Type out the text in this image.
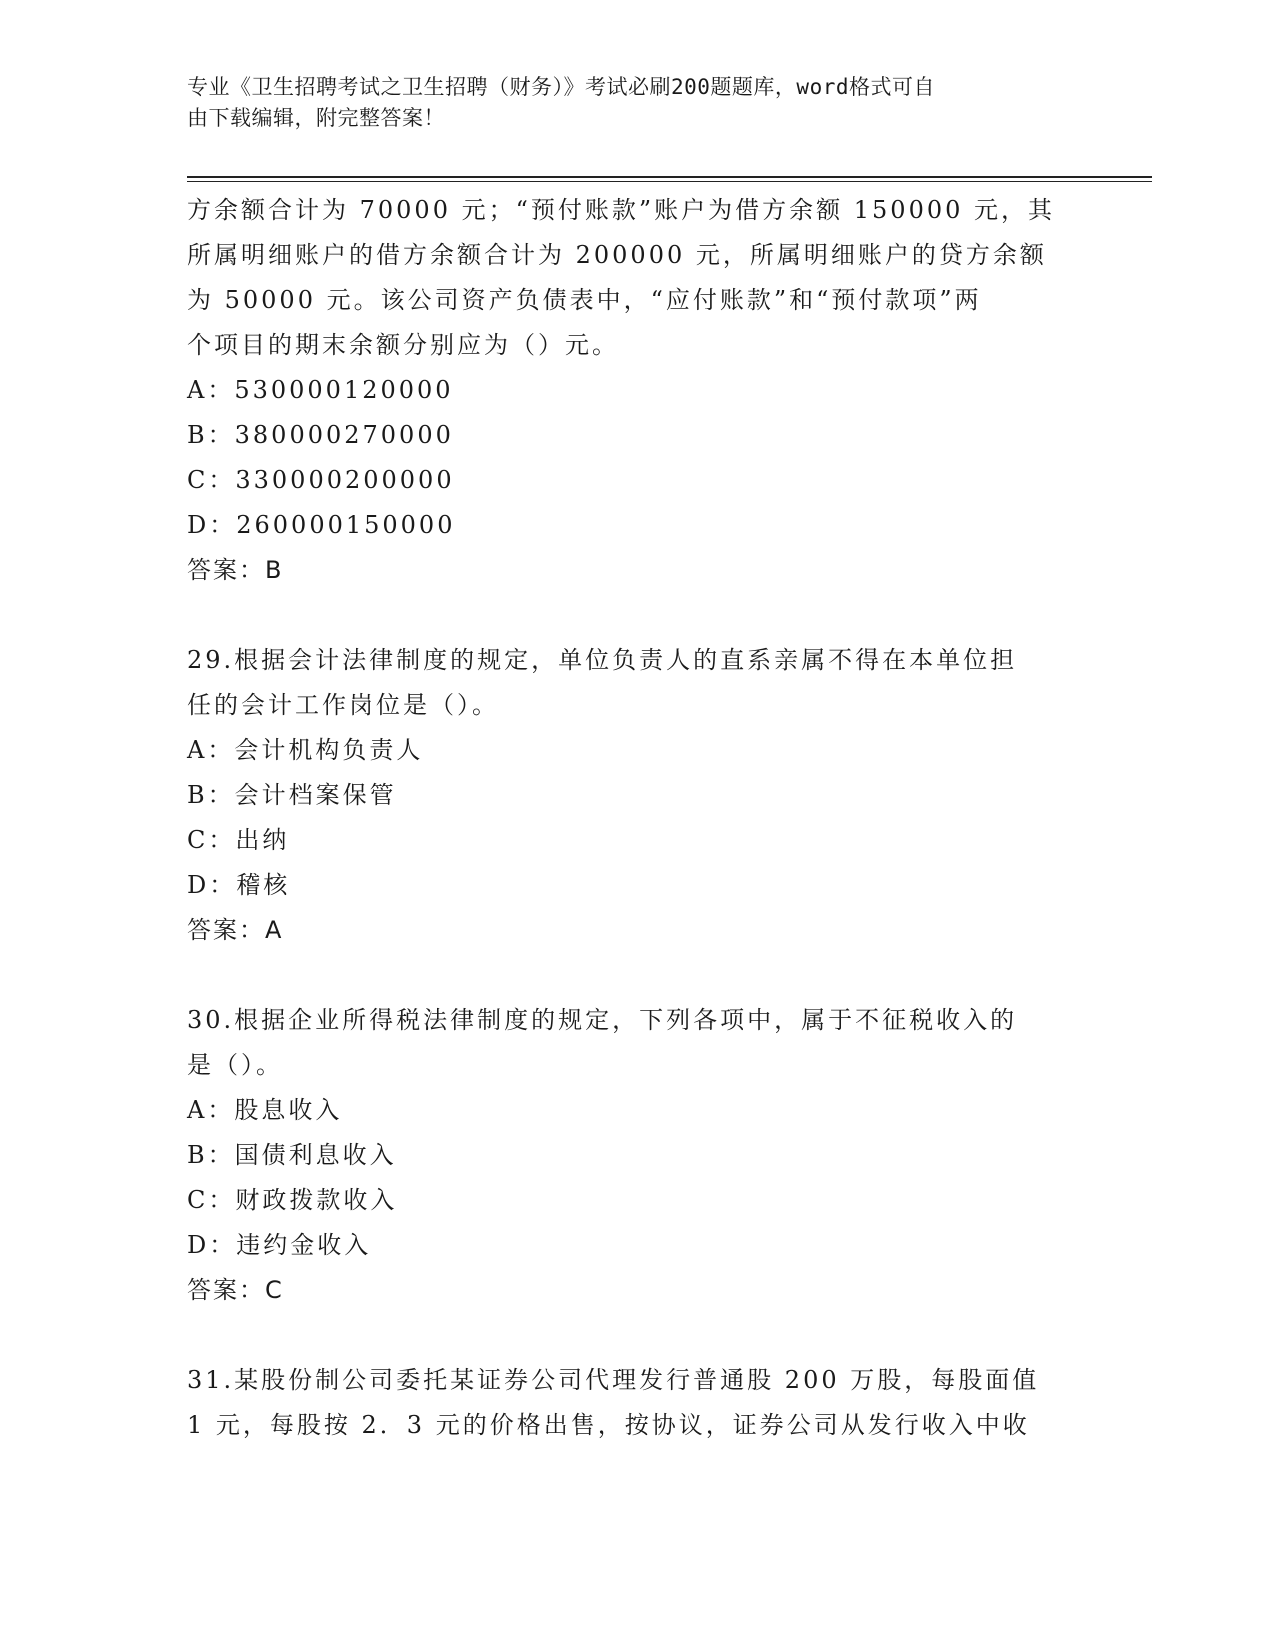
专业《卫生招聘考试之卫生招聘（财务）》考试必刷200题题库，word格式可自
由下载编辑，附完整答案！
方余额合计为 70000 元；“预付账款”账户为借方余额 150000 元，其
所属明细账户的借方余额合计为 200000 元，所属明细账户的贷方余额
为 50000 元。该公司资产负债表中，“应付账款”和“预付款项”两
个项目的期末余额分别应为（）元。
A：530000120000
B：380000270000
C：330000200000
D：260000150000
答案：B
29.根据会计法律制度的规定，单位负责人的直系亲属不得在本单位担
任的会计工作岗位是（）。
A：会计机构负责人
B：会计档案保管
C：出纳
D：稽核
答案：A
30.根据企业所得税法律制度的规定，下列各项中，属于不征税收入的
是（）。
A：股息收入
B：国债利息收入
C：财政拨款收入
D：违约金收入
答案：C
31.某股份制公司委托某证券公司代理发行普通股 200 万股，每股面值
1 元，每股按 2．3 元的价格出售，按协议，证券公司从发行收入中收
